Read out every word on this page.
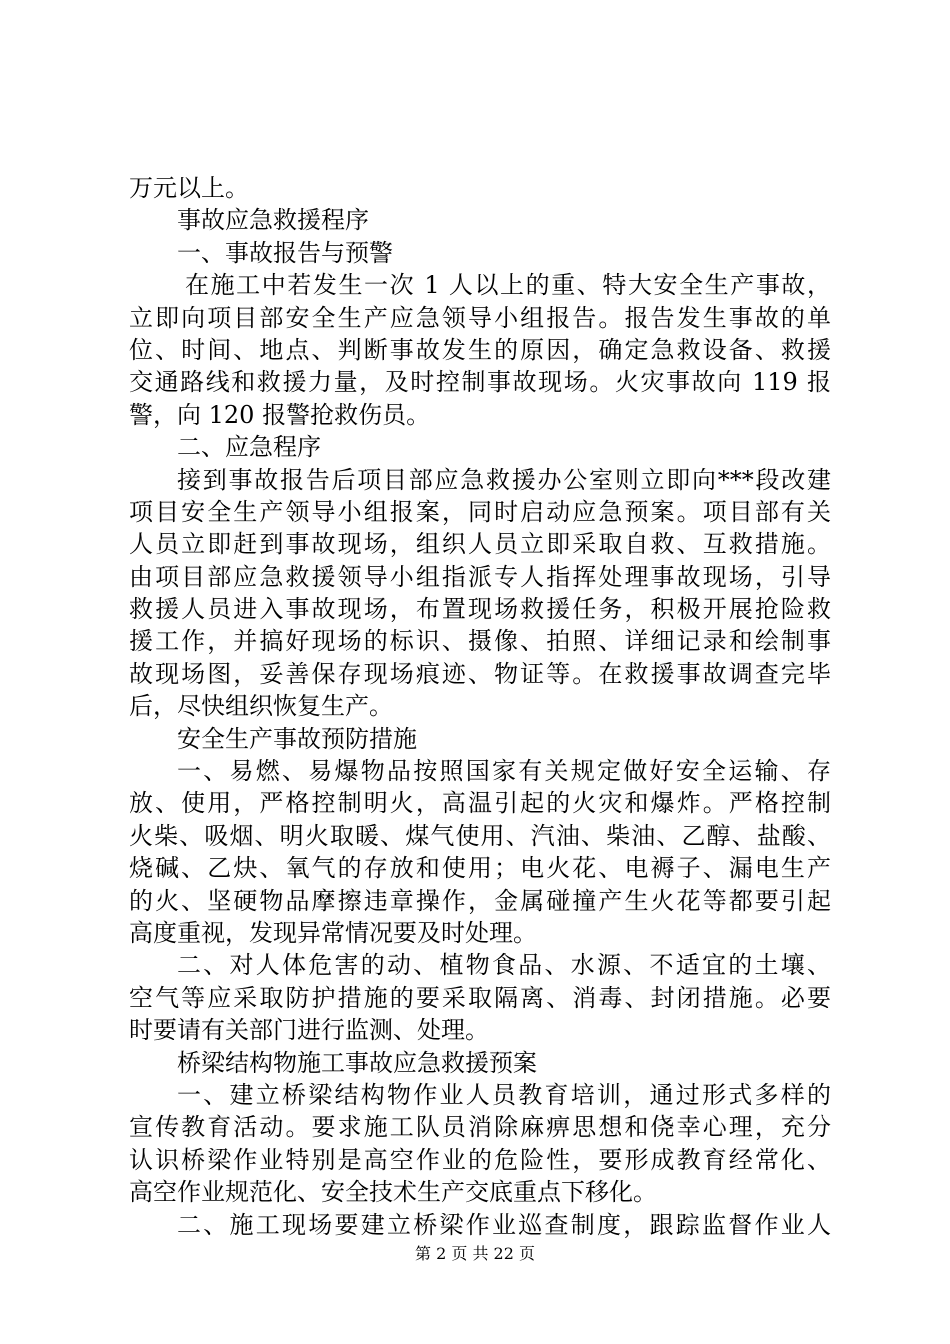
万元以上。
事故应急救援程序
一、事故报告与预警
在施工中若发生一次 1 人以上的重、特大安全生产事故，
立即向项目部安全生产应急领导小组报告。报告发生事故的单
位、时间、地点、判断事故发生的原因，确定急救设备、救援
交通路线和救援力量，及时控制事故现场。火灾事故向 119 报
警，向 120 报警抢救伤员。
二、应急程序
接到事故报告后项目部应急救援办公室则立即向***段改建
项目安全生产领导小组报案，同时启动应急预案。项目部有关
人员立即赶到事故现场，组织人员立即采取自救、互救措施。
由项目部应急救援领导小组指派专人指挥处理事故现场，引导
救援人员进入事故现场，布置现场救援任务，积极开展抢险救
援工作，并搞好现场的标识、摄像、拍照、详细记录和绘制事
故现场图，妥善保存现场痕迹、物证等。在救援事故调查完毕
后，尽快组织恢复生产。
安全生产事故预防措施
一、易燃、易爆物品按照国家有关规定做好安全运输、存
放、使用，严格控制明火，高温引起的火灾和爆炸。严格控制
火柴、吸烟、明火取暖、煤气使用、汽油、柴油、乙醇、盐酸、
烧碱、乙炔、氧气的存放和使用；电火花、电褥子、漏电生产
的火、坚硬物品摩擦违章操作，金属碰撞产生火花等都要引起
高度重视，发现异常情况要及时处理。
二、对人体危害的动、植物食品、水源、不适宜的土壤、
空气等应采取防护措施的要采取隔离、消毒、封闭措施。必要
时要请有关部门进行监测、处理。
桥梁结构物施工事故应急救援预案
一、建立桥梁结构物作业人员教育培训，通过形式多样的
宣传教育活动。要求施工队员消除麻痹思想和侥幸心理，充分
认识桥梁作业特别是高空作业的危险性，要形成教育经常化、
高空作业规范化、安全技术生产交底重点下移化。
二、施工现场要建立桥梁作业巡查制度，跟踪监督作业人
第 2 页 共 22 页
